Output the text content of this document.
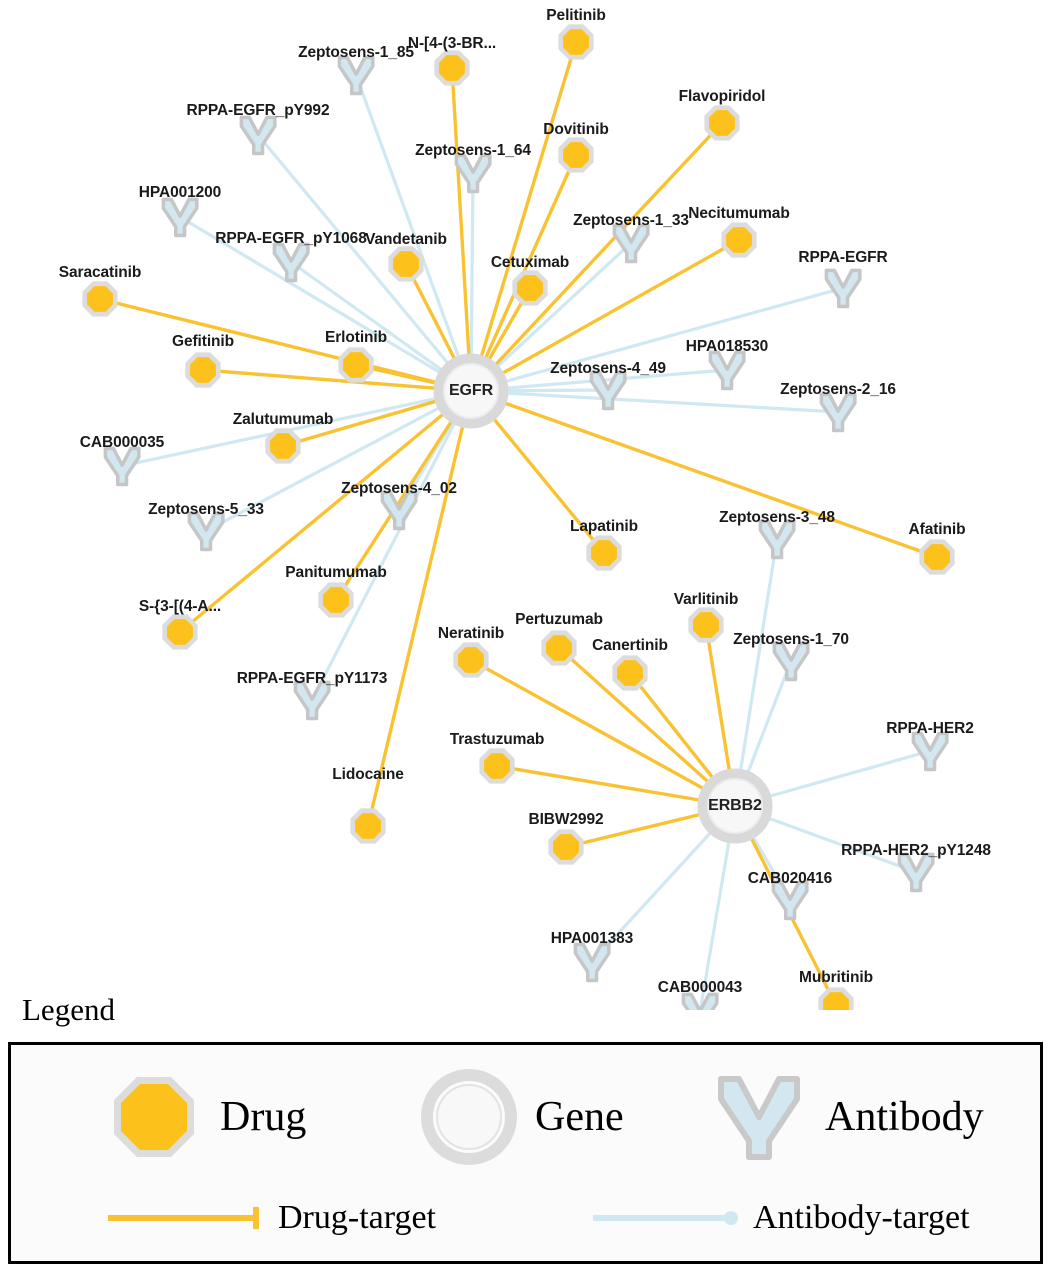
Zeptosens-1_85
RPPA-EGFR_pY992
Zeptosens-1_64
HPA001200
Zeptosens-1_33
RPPA-EGFR_pY1068
RPPA-EGFR
HPA018530
Zeptosens-4_49
Zeptosens-2_16
CAB000035
Zeptosens-4_02
Zeptosens-5_33	Zeptosens-3_48
Zeptosens-1_70
RPPA-EGFR_pY1173
RPPA-HER2
RPPA-HER2_pY1248
CAB020416
HPA001383
CAB000043
Pelitinib
N-[4-(3-BR...
Flavopiridol
Dovitinib
Necitumumab
Vandetanib
Cetuximab
Saracatinib
Gefitinib	Erlotinib
Zalutumumab
Lapatinib	Afatinib
Varlitinib
Panitumumab
S-{3-[(4-A...
Pertuzumab
Neratinib
Canertinib
Trastuzumab
Lidocaine
BIBW2992
Mubritinib
EGFR
ERBB2
Legend
Drug	Gene	Antibody
Drug-target	Antibody-target
